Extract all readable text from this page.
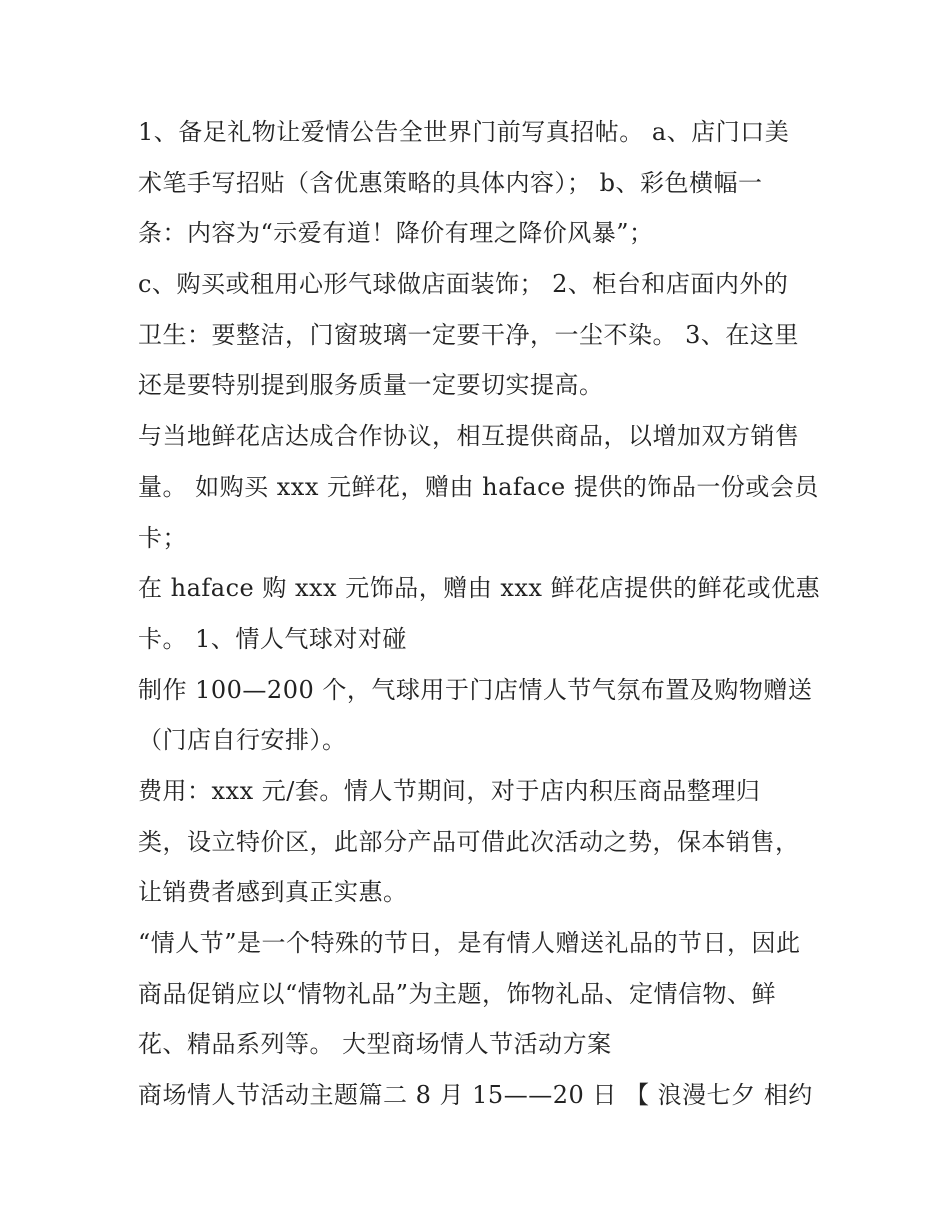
1、备足礼物让爱情公告全世界门前写真招帖。 a、店门口美
术笔手写招贴（含优惠策略的具体内容）； b、彩色横幅一
条：内容为“示爱有道！降价有理之降价风暴”；
c、购买或租用心形气球做店面装饰； 2、柜台和店面内外的
卫生：要整洁，门窗玻璃一定要干净，一尘不染。 3、在这里
还是要特别提到服务质量一定要切实提高。
与当地鲜花店达成合作协议，相互提供商品，以增加双方销售
量。 如购买 xxx 元鲜花，赠由 haface 提供的饰品一份或会员
卡；
在 haface 购 xxx 元饰品，赠由 xxx 鲜花店提供的鲜花或优惠
卡。 1、情人气球对对碰
制作 100—200 个，气球用于门店情人节气氛布置及购物赠送
（门店自行安排）。
费用：xxx 元/套。情人节期间，对于店内积压商品整理归
类，设立特价区，此部分产品可借此次活动之势，保本销售，
让销费者感到真正实惠。
“情人节”是一个特殊的节日，是有情人赠送礼品的节日，因此
商品促销应以“情物礼品”为主题，饰物礼品、定情信物、鲜
花、精品系列等。 大型商场情人节活动方案
商场情人节活动主题篇二 8 月 15——20 日 【 浪漫七夕 相约
